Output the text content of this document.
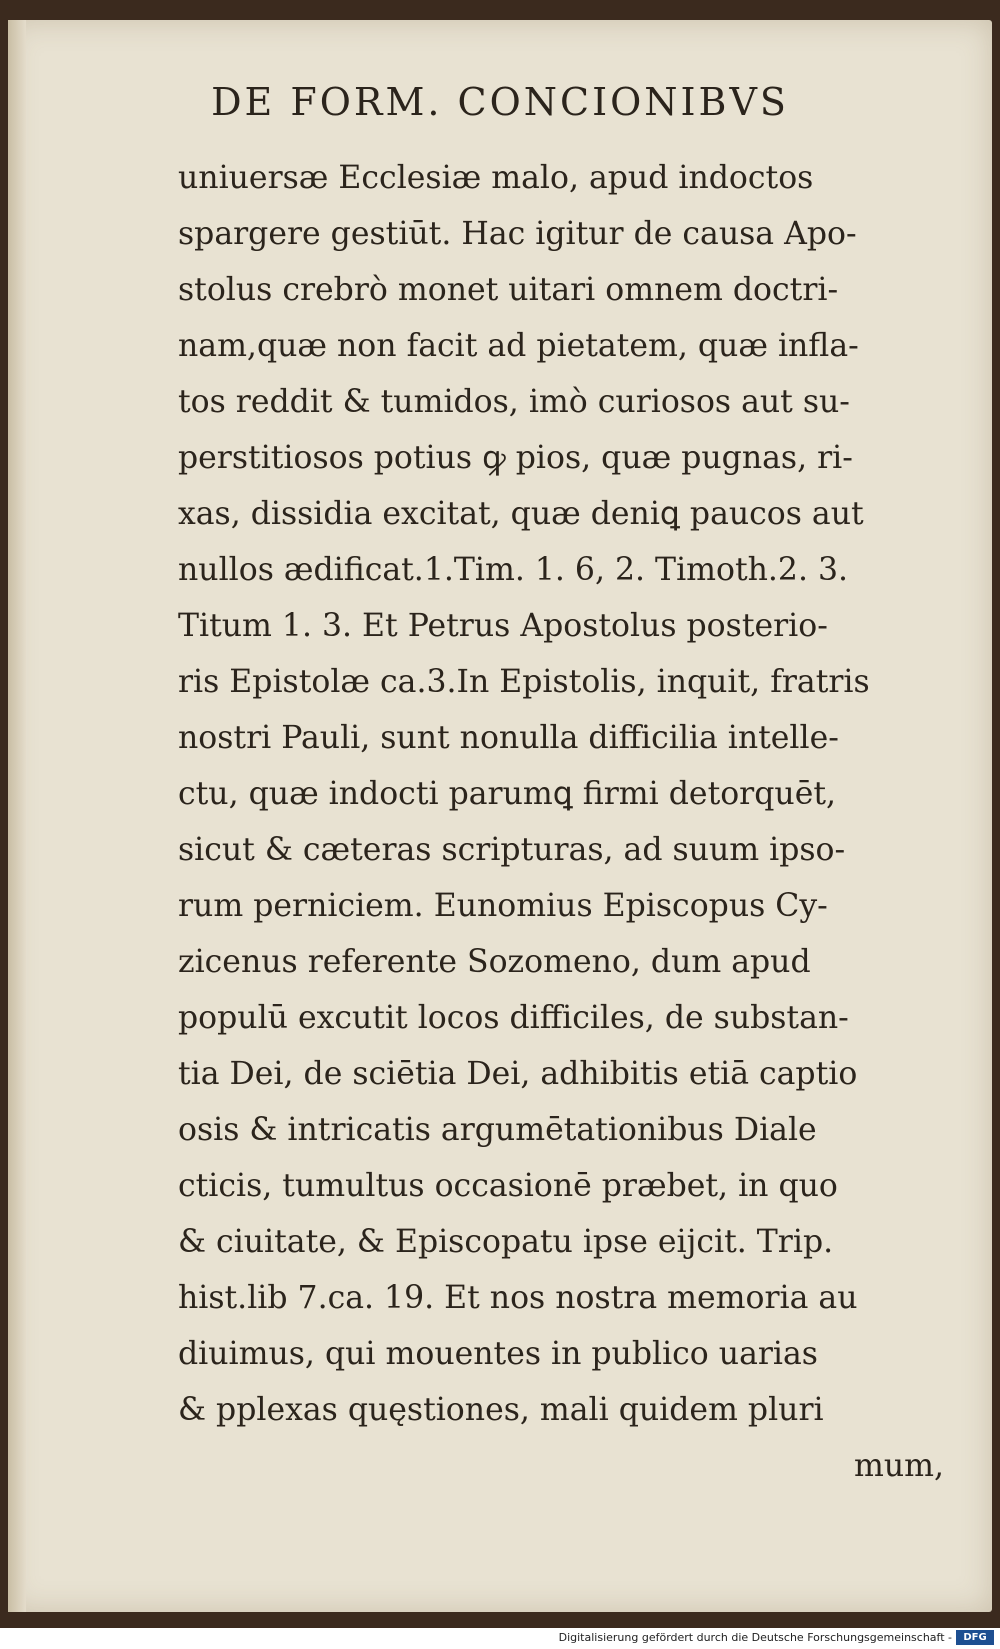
DE FORM. CONCIONIBVS
uniuersæ Ecclesiæ malo, apud indoctos
spargere gestiūt. Hac igitur de causa Apo-
stolus crebrò monet uitari omnem doctri-
nam,quæ non facit ad pietatem, quæ infla-
tos reddit & tumidos, imò curiosos aut su-
perstitiosos potius ꝙ pios, quæ pugnas, ri-
xas, dissidia excitat, quæ deniꝗ paucos aut
nullos ædificat.1.Tim. 1. 6, 2. Timoth.2. 3.
Titum 1. 3. Et Petrus Apostolus posterio-
ris Epistolæ ca.3.In Epistolis, inquit, fratris
nostri Pauli, sunt nonulla difficilia intelle-
ctu, quæ indocti parumꝗ firmi detorquēt,
sicut & cæteras scripturas, ad suum ipso-
rum perniciem. Eunomius Episcopus Cy-
zicenus referente Sozomeno, dum apud
populū excutit locos difficiles, de substan-
tia Dei, de sciētia Dei, adhibitis etiā captio
osis & intricatis argumētationibus Diale
cticis, tumultus occasionē præbet, in quo
& ciuitate, & Episcopatu ipse eijcit. Trip.
hist.lib 7.ca. 19. Et nos nostra memoria au
diuimus, qui mouentes in publico uarias
& pplexas quęstiones, mali quidem pluri
mum,
Digitalisierung gefördert durch die Deutsche Forschungsgemeinschaft -	DFG
